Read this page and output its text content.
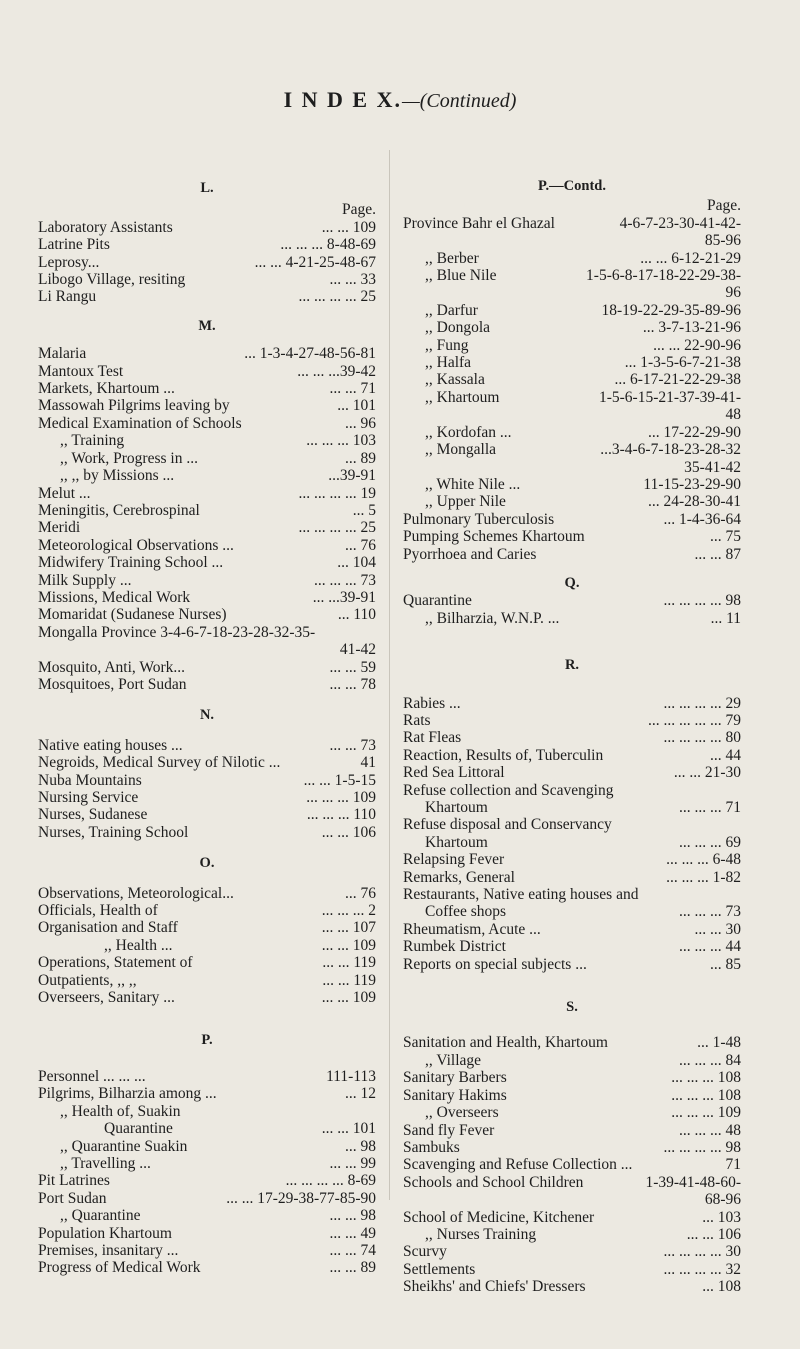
I N D E X.—(Continued)
L.
Page.
Laboratory Assistants	... ... 109
Latrine Pits	... ... ... 8-48-69
Leprosy...	... ... 4-21-25-48-67
Libogo Village, resiting	... ... 33
Li Rangu	... ... ... ... 25
M.
Malaria	... 1-3-4-27-48-56-81
Mantoux Test	... ... ...39-42
Markets, Khartoum ...	... ... 71
Massowah Pilgrims leaving by	... 101
Medical Examination of Schools	... 96
,, Training	... ... ... 103
,, Work, Progress in ...	... 89
,, ,, by Missions ...	...39-91
Melut ...	... ... ... ... 19
Meningitis, Cerebrospinal	... 5
Meridi	... ... ... ... 25
Meteorological Observations ...	... 76
Midwifery Training School ...	... 104
Milk Supply ...	... ... ... 73
Missions, Medical Work	... ...39-91
Momaridat (Sudanese Nurses)	... 110
Mongalla Province 3-4-6-7-18-23-28-32-35-
41-42
Mosquito, Anti, Work...	... ... 59
Mosquitoes, Port Sudan	... ... 78
N.
Native eating houses ...	... ... 73
Negroids, Medical Survey of Nilotic ...	41
Nuba Mountains	... ... 1-5-15
Nursing Service	... ... ... 109
Nurses, Sudanese	... ... ... 110
Nurses, Training School	... ... 106
O.
Observations, Meteorological...	... 76
Officials, Health of	... ... ... 2
Organisation and Staff	... ... 107
,, Health ...	... ... 109
Operations, Statement of	... ... 119
Outpatients, ,, ,,	... ... 119
Overseers, Sanitary ...	... ... 109
P.
Personnel ... ... ...	111-113
Pilgrims, Bilharzia among ...	... 12
,, Health of, Suakin
Quarantine	... ... 101
,, Quarantine Suakin	... 98
,, Travelling ...	... ... 99
Pit Latrines	... ... ... ... 8-69
Port Sudan	... ... 17-29-38-77-85-90
,, Quarantine	... ... 98
Population Khartoum	... ... 49
Premises, insanitary ...	... ... 74
Progress of Medical Work	... ... 89
P.—Contd.
Page.
Province Bahr el Ghazal	4-6-7-23-30-41-42-
85-96
,, Berber	... ... 6-12-21-29
,, Blue Nile	1-5-6-8-17-18-22-29-38-
96
,, Darfur	18-19-22-29-35-89-96
,, Dongola	... 3-7-13-21-96
,, Fung	... ... 22-90-96
,, Halfa	... 1-3-5-6-7-21-38
,, Kassala	... 6-17-21-22-29-38
,, Khartoum	1-5-6-15-21-37-39-41-
48
,, Kordofan ...	... 17-22-29-90
,, Mongalla	...3-4-6-7-18-23-28-32
35-41-42
,, White Nile ...	11-15-23-29-90
,, Upper Nile	... 24-28-30-41
Pulmonary Tuberculosis	... 1-4-36-64
Pumping Schemes Khartoum	... 75
Pyorrhoea and Caries	... ... 87
Q.
Quarantine	... ... ... ... 98
,, Bilharzia, W.N.P. ...	... 11
R.
Rabies ...	... ... ... ... 29
Rats	... ... ... ... ... 79
Rat Fleas	... ... ... ... 80
Reaction, Results of, Tuberculin	... 44
Red Sea Littoral	... ... 21-30
Refuse collection and Scavenging
Khartoum	... ... ... 71
Refuse disposal and Conservancy
Khartoum	... ... ... 69
Relapsing Fever	... ... ... 6-48
Remarks, General	... ... ... 1-82
Restaurants, Native eating houses and
Coffee shops	... ... ... 73
Rheumatism, Acute ...	... ... 30
Rumbek District	... ... ... 44
Reports on special subjects ...	... 85
S.
Sanitation and Health, Khartoum	... 1-48
,, Village	... ... ... 84
Sanitary Barbers	... ... ... 108
Sanitary Hakims	... ... ... 108
,, Overseers	... ... ... 109
Sand fly Fever	... ... ... 48
Sambuks	... ... ... ... 98
Scavenging and Refuse Collection ...	71
Schools and School Children	1-39-41-48-60-
68-96
School of Medicine, Kitchener	... 103
,, Nurses Training	... ... 106
Scurvy	... ... ... ... 30
Settlements	... ... ... ... 32
Sheikhs' and Chiefs' Dressers	... 108
